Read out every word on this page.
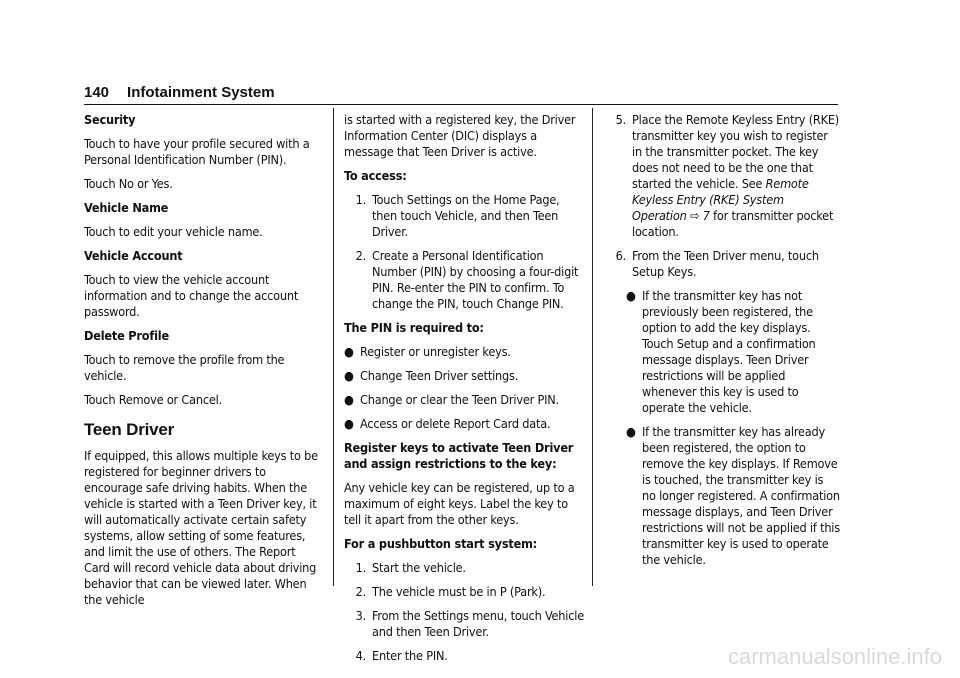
140 Infotainment System

Security

Touch to have your profile secured with a Personal Identification Number (PIN).

Touch No or Yes.

Vehicle Name

Touch to edit your vehicle name.

Vehicle Account

Touch to view the vehicle account information and to change the account password.

Delete Profile

Touch to remove the profile from the vehicle.

Touch Remove or Cancel.

Teen Driver

If equipped, this allows multiple keys to be registered for beginner drivers to encourage safe driving habits. When the vehicle is started with a Teen Driver key, it will automatically activate certain safety systems, allow setting of some features, and limit the use of others. The Report Card will record vehicle data about driving behavior that can be viewed later. When the vehicle

is started with a registered key, the Driver Information Center (DIC) displays a message that Teen Driver is active.

To access:

1. Touch Settings on the Home Page, then touch Vehicle, and then Teen Driver.
2. Create a Personal Identification Number (PIN) by choosing a four-digit PIN. Re-enter the PIN to confirm. To change the PIN, touch Change PIN.

The PIN is required to:

● Register or unregister keys.
● Change Teen Driver settings.
● Change or clear the Teen Driver PIN.
● Access or delete Report Card data.

Register keys to activate Teen Driver and assign restrictions to the key:

Any vehicle key can be registered, up to a maximum of eight keys. Label the key to tell it apart from the other keys.

For a pushbutton start system:

1. Start the vehicle.
2. The vehicle must be in P (Park).
3. From the Settings menu, touch Vehicle and then Teen Driver.
4. Enter the PIN.
5. Place the Remote Keyless Entry (RKE) transmitter key you wish to register in the transmitter pocket. The key does not need to be the one that started the vehicle. See Remote Keyless Entry (RKE) System Operation ⇨ 7 for transmitter pocket location.
6. From the Teen Driver menu, touch Setup Keys.
● If the transmitter key has not previously been registered, the option to add the key displays. Touch Setup and a confirmation message displays. Teen Driver restrictions will be applied whenever this key is used to operate the vehicle.
● If the transmitter key has already been registered, the option to remove the key displays. If Remove is touched, the transmitter key is no longer registered. A confirmation message displays, and Teen Driver restrictions will not be applied if this transmitter key is used to operate the vehicle.
carmanualsonline.info
